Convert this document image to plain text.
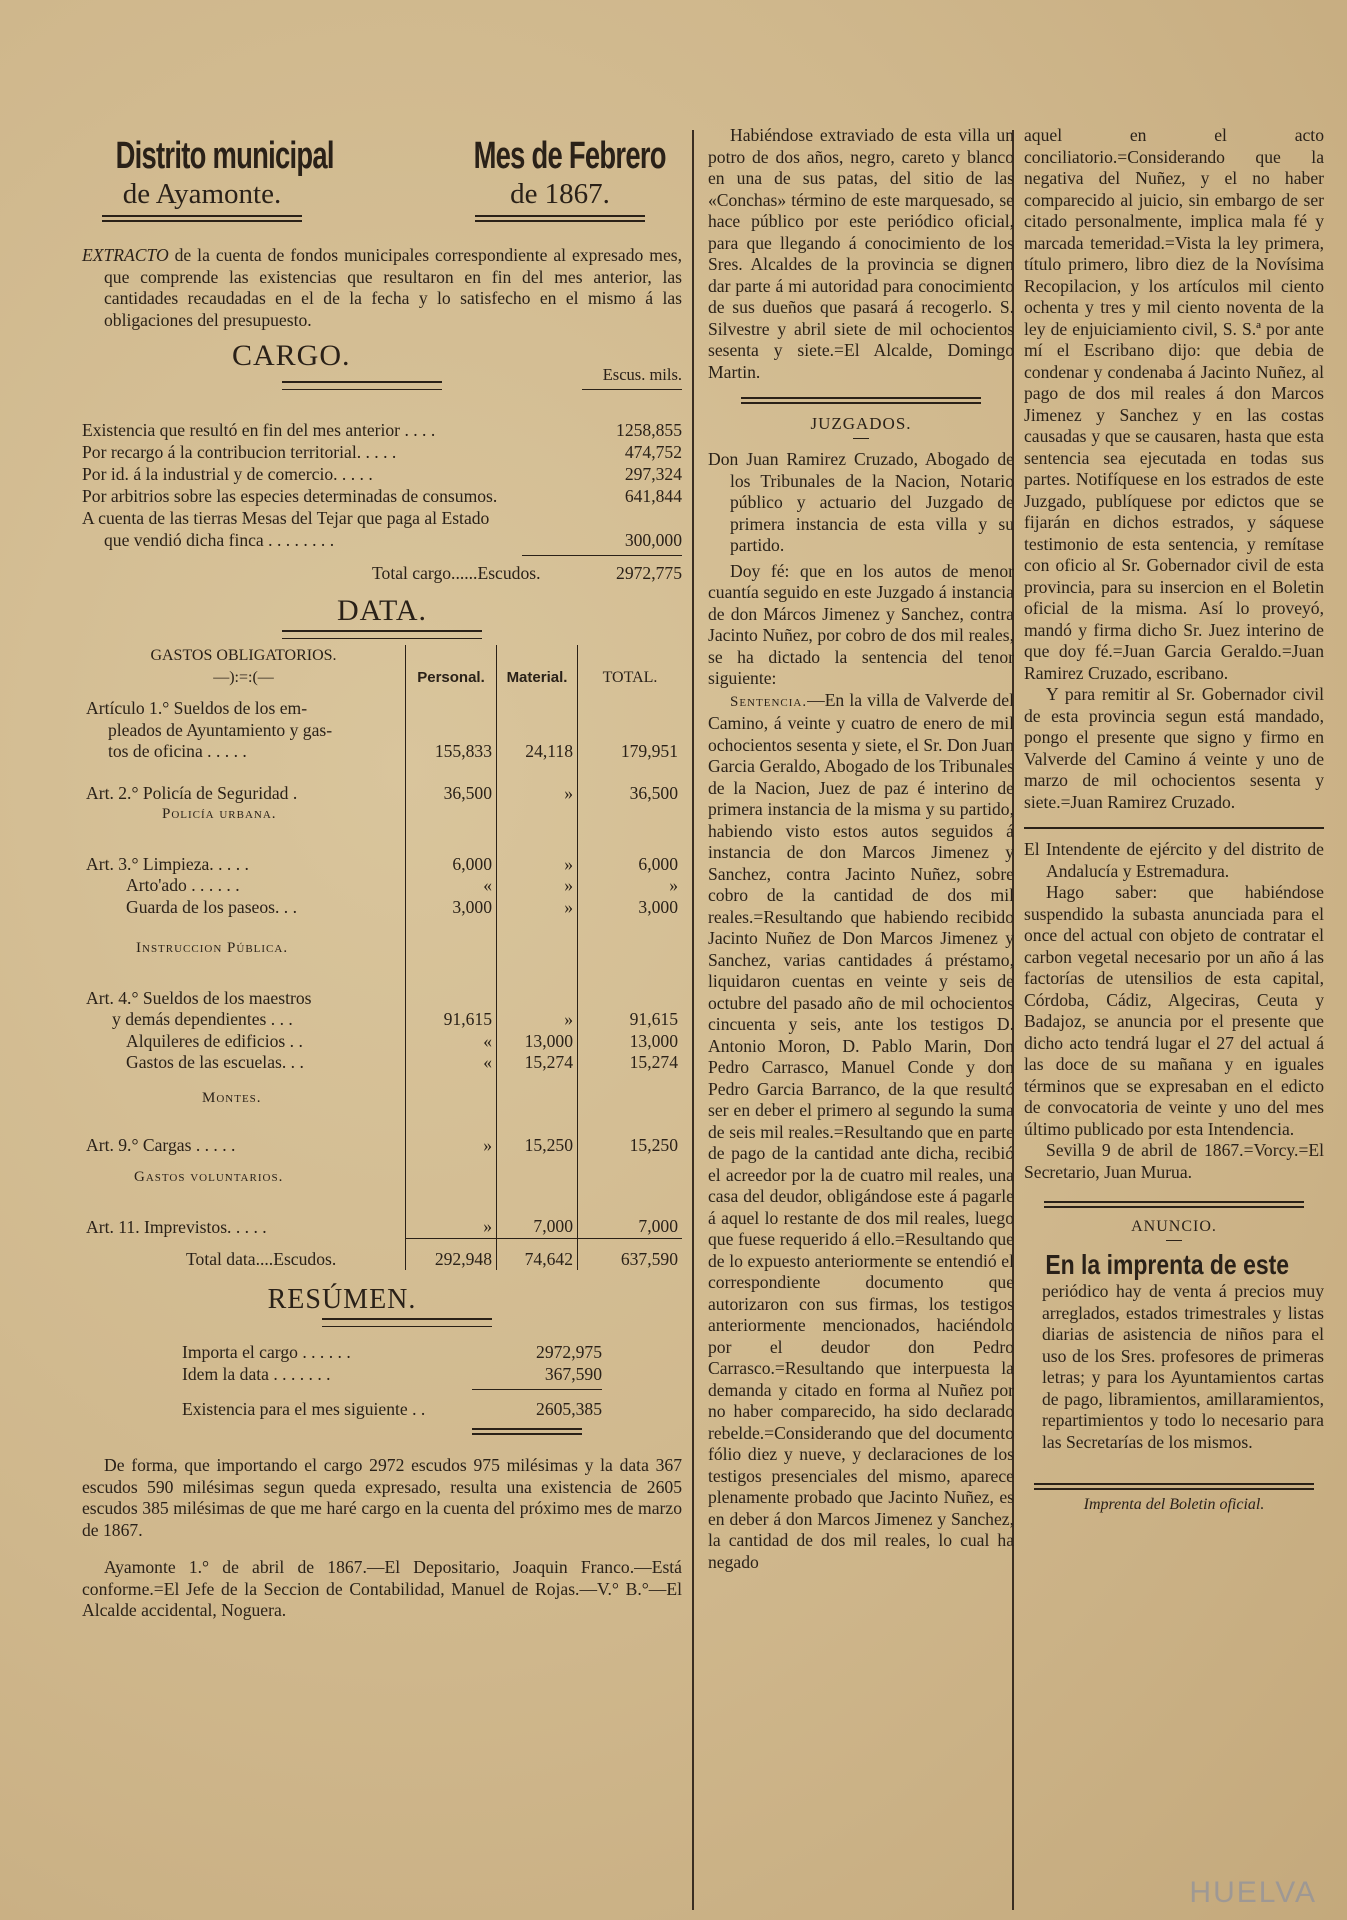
Distrito municipal
de Ayamonte.
Mes de Febrero
de 1867.

EXTRACTO de la cuenta de fondos municipales correspondiente al expresado mes, que comprende las existencias que resultaron en fin del mes anterior, las cantidades recaudadas en el de la fecha y lo satisfecho en el mismo á las obligaciones del presupuesto.

CARGO.
Escus. mils.
Existencia que resultó en fin del mes anterior . . . .	1258,855
Por recargo á la contribucion territorial. . . . .	474,752
Por id. á la industrial y de comercio. . . . .	297,324
Por arbitrios sobre las especies determinadas de consumos.	641,844
A cuenta de las tierras Mesas del Tejar que paga al Estado
que vendió dicha finca . . . . . . . .	300,000
Total cargo......Escudos.	2972,775
DATA.
GASTOS OBLIGATORIOS.
—):=:(—	Personal.	Material.	TOTAL.

Artículo 1.° Sueldos de los em-			
pleados de Ayuntamiento y gas-			
tos de oficina . . . . .	155,833	24,118	179,951

Art. 2.° Policía de Seguridad .	36,500	»	36,500
Policía urbana.			

Art. 3.° Limpieza. . . . .	6,000	»	6,000
Arto'ado . . . . . .	«	»	»
Guarda de los paseos. . .	3,000	»	3,000

Instruccion Pública.			

Art. 4.° Sueldos de los maestros			
y demás dependientes . . .	91,615	»	91,615
Alquileres de edificios . .	«	13,000	13,000
Gastos de las escuelas. . .	«	15,274	15,274

Montes.			

Art. 9.° Cargas . . . . .	»	15,250	15,250

Gastos voluntarios.			

Art. 11. Imprevistos. . . . .	»	7,000	7,000
Total data....Escudos.	292,948	74,642	637,590
RESÚMEN.
Importa el cargo . . . . . .	2972,975
Idem la data . . . . . . .	367,590
Existencia para el mes siguiente . .	2605,385

De forma, que importando el cargo 2972 escudos 975 milésimas y la data 367 escudos 590 milésimas segun queda expresado, resulta una existencia de 2605 escudos 385 milésimas de que me haré cargo en la cuenta del próximo mes de marzo de 1867.

Ayamonte 1.° de abril de 1867.—El Depositario, Joaquin Franco.—Está conforme.=El Jefe de la Seccion de Contabilidad, Manuel de Rojas.—V.° B.°—El Alcalde accidental, Noguera.

Habiéndose extraviado de esta villa un potro de dos años, negro, careto y blanco en una de sus patas, del sitio de las «Conchas» término de este marquesado, se hace público por este periódico oficial, para que llegando á conocimiento de los Sres. Alcaldes de la provincia se dignen dar parte á mi autoridad para conocimiento de sus dueños que pasará á recogerlo. S. Silvestre y abril siete de mil ochocientos sesenta y siete.=El Alcalde, Domingo Martin.

JUZGADOS.

Don Juan Ramirez Cruzado, Abogado de los Tribunales de la Nacion, Notario público y actuario del Juzgado de primera instancia de esta villa y su partido.

Doy fé: que en los autos de menor cuantía seguido en este Juzgado á instancia de don Márcos Jimenez y Sanchez, contra Jacinto Nuñez, por cobro de dos mil reales, se ha dictado la sentencia del tenor siguiente:

Sentencia.—En la villa de Valverde del Camino, á veinte y cuatro de enero de mil ochocientos sesenta y siete, el Sr. Don Juan Garcia Geraldo, Abogado de los Tribunales de la Nacion, Juez de paz é interino de primera instancia de la misma y su partido, habiendo visto estos autos seguidos á instancia de don Marcos Jimenez y Sanchez, contra Jacinto Nuñez, sobre cobro de la cantidad de dos mil reales.=Resultando que habiendo recibido Jacinto Nuñez de Don Marcos Jimenez y Sanchez, varias cantidades á préstamo, liquidaron cuentas en veinte y seis de octubre del pasado año de mil ochocientos cincuenta y seis, ante los testigos D. Antonio Moron, D. Pablo Marin, Don Pedro Carrasco, Manuel Conde y don Pedro Garcia Barranco, de la que resultó ser en deber el primero al segundo la suma de seis mil reales.=Resultando que en parte de pago de la cantidad ante dicha, recibió el acreedor por la de cuatro mil reales, una casa del deudor, obligándose este á pagarle á aquel lo restante de dos mil reales, luego que fuese requerido á ello.=Resultando que de lo expuesto anteriormente se entendió el correspondiente documento que autorizaron con sus firmas, los testigos anteriormente mencionados, haciéndolo por el deudor don Pedro Carrasco.=Resultando que interpuesta la demanda y citado en forma al Nuñez por no haber comparecido, ha sido declarado rebelde.=Considerando que del documento fólio diez y nueve, y declaraciones de los testigos presenciales del mismo, aparece plenamente probado que Jacinto Nuñez, es en deber á don Marcos Jimenez y Sanchez, la cantidad de dos mil reales, lo cual ha negado

aquel en el acto conciliatorio.=Considerando que la negativa del Nuñez, y el no haber comparecido al juicio, sin embargo de ser citado personalmente, implica mala fé y marcada temeridad.=Vista la ley primera, título primero, libro diez de la Novísima Recopilacion, y los artículos mil ciento ochenta y tres y mil ciento noventa de la ley de enjuiciamiento civil, S. S.ª por ante mí el Escribano dijo: que debia de condenar y condenaba á Jacinto Nuñez, al pago de dos mil reales á don Marcos Jimenez y Sanchez y en las costas causadas y que se causaren, hasta que esta sentencia sea ejecutada en todas sus partes. Notifíquese en los estrados de este Juzgado, publíquese por edictos que se fijarán en dichos estrados, y sáquese testimonio de esta sentencia, y remítase con oficio al Sr. Gobernador civil de esta provincia, para su insercion en el Boletin oficial de la misma. Así lo proveyó, mandó y firma dicho Sr. Juez interino de que doy fé.=Juan Garcia Geraldo.=Juan Ramirez Cruzado, escribano.

Y para remitir al Sr. Gobernador civil de esta provincia segun está mandado, pongo el presente que signo y firmo en Valverde del Camino á veinte y uno de marzo de mil ochocientos sesenta y siete.=Juan Ramirez Cruzado.

El Intendente de ejército y del distrito de Andalucía y Estremadura.

Hago saber: que habiéndose suspendido la subasta anunciada para el once del actual con objeto de contratar el carbon vegetal necesario por un año á las factorías de utensilios de esta capital, Córdoba, Cádiz, Algeciras, Ceuta y Badajoz, se anuncia por el presente que dicho acto tendrá lugar el 27 del actual á las doce de su mañana y en iguales términos que se expresaban en el edicto de convocatoria de veinte y uno del mes último publicado por esta Intendencia.

Sevilla 9 de abril de 1867.=Vorcy.=El Secretario, Juan Murua.

ANUNCIO.

En la imprenta de este

periódico hay de venta á precios muy arreglados, estados trimestrales y listas diarias de asistencia de niños para el uso de los Sres. profesores de primeras letras; y para los Ayuntamientos cartas de pago, libramientos, amillaramientos, repartimientos y todo lo necesario para las Secretarías de los mismos.

Imprenta del Boletin oficial.

HUELVA
